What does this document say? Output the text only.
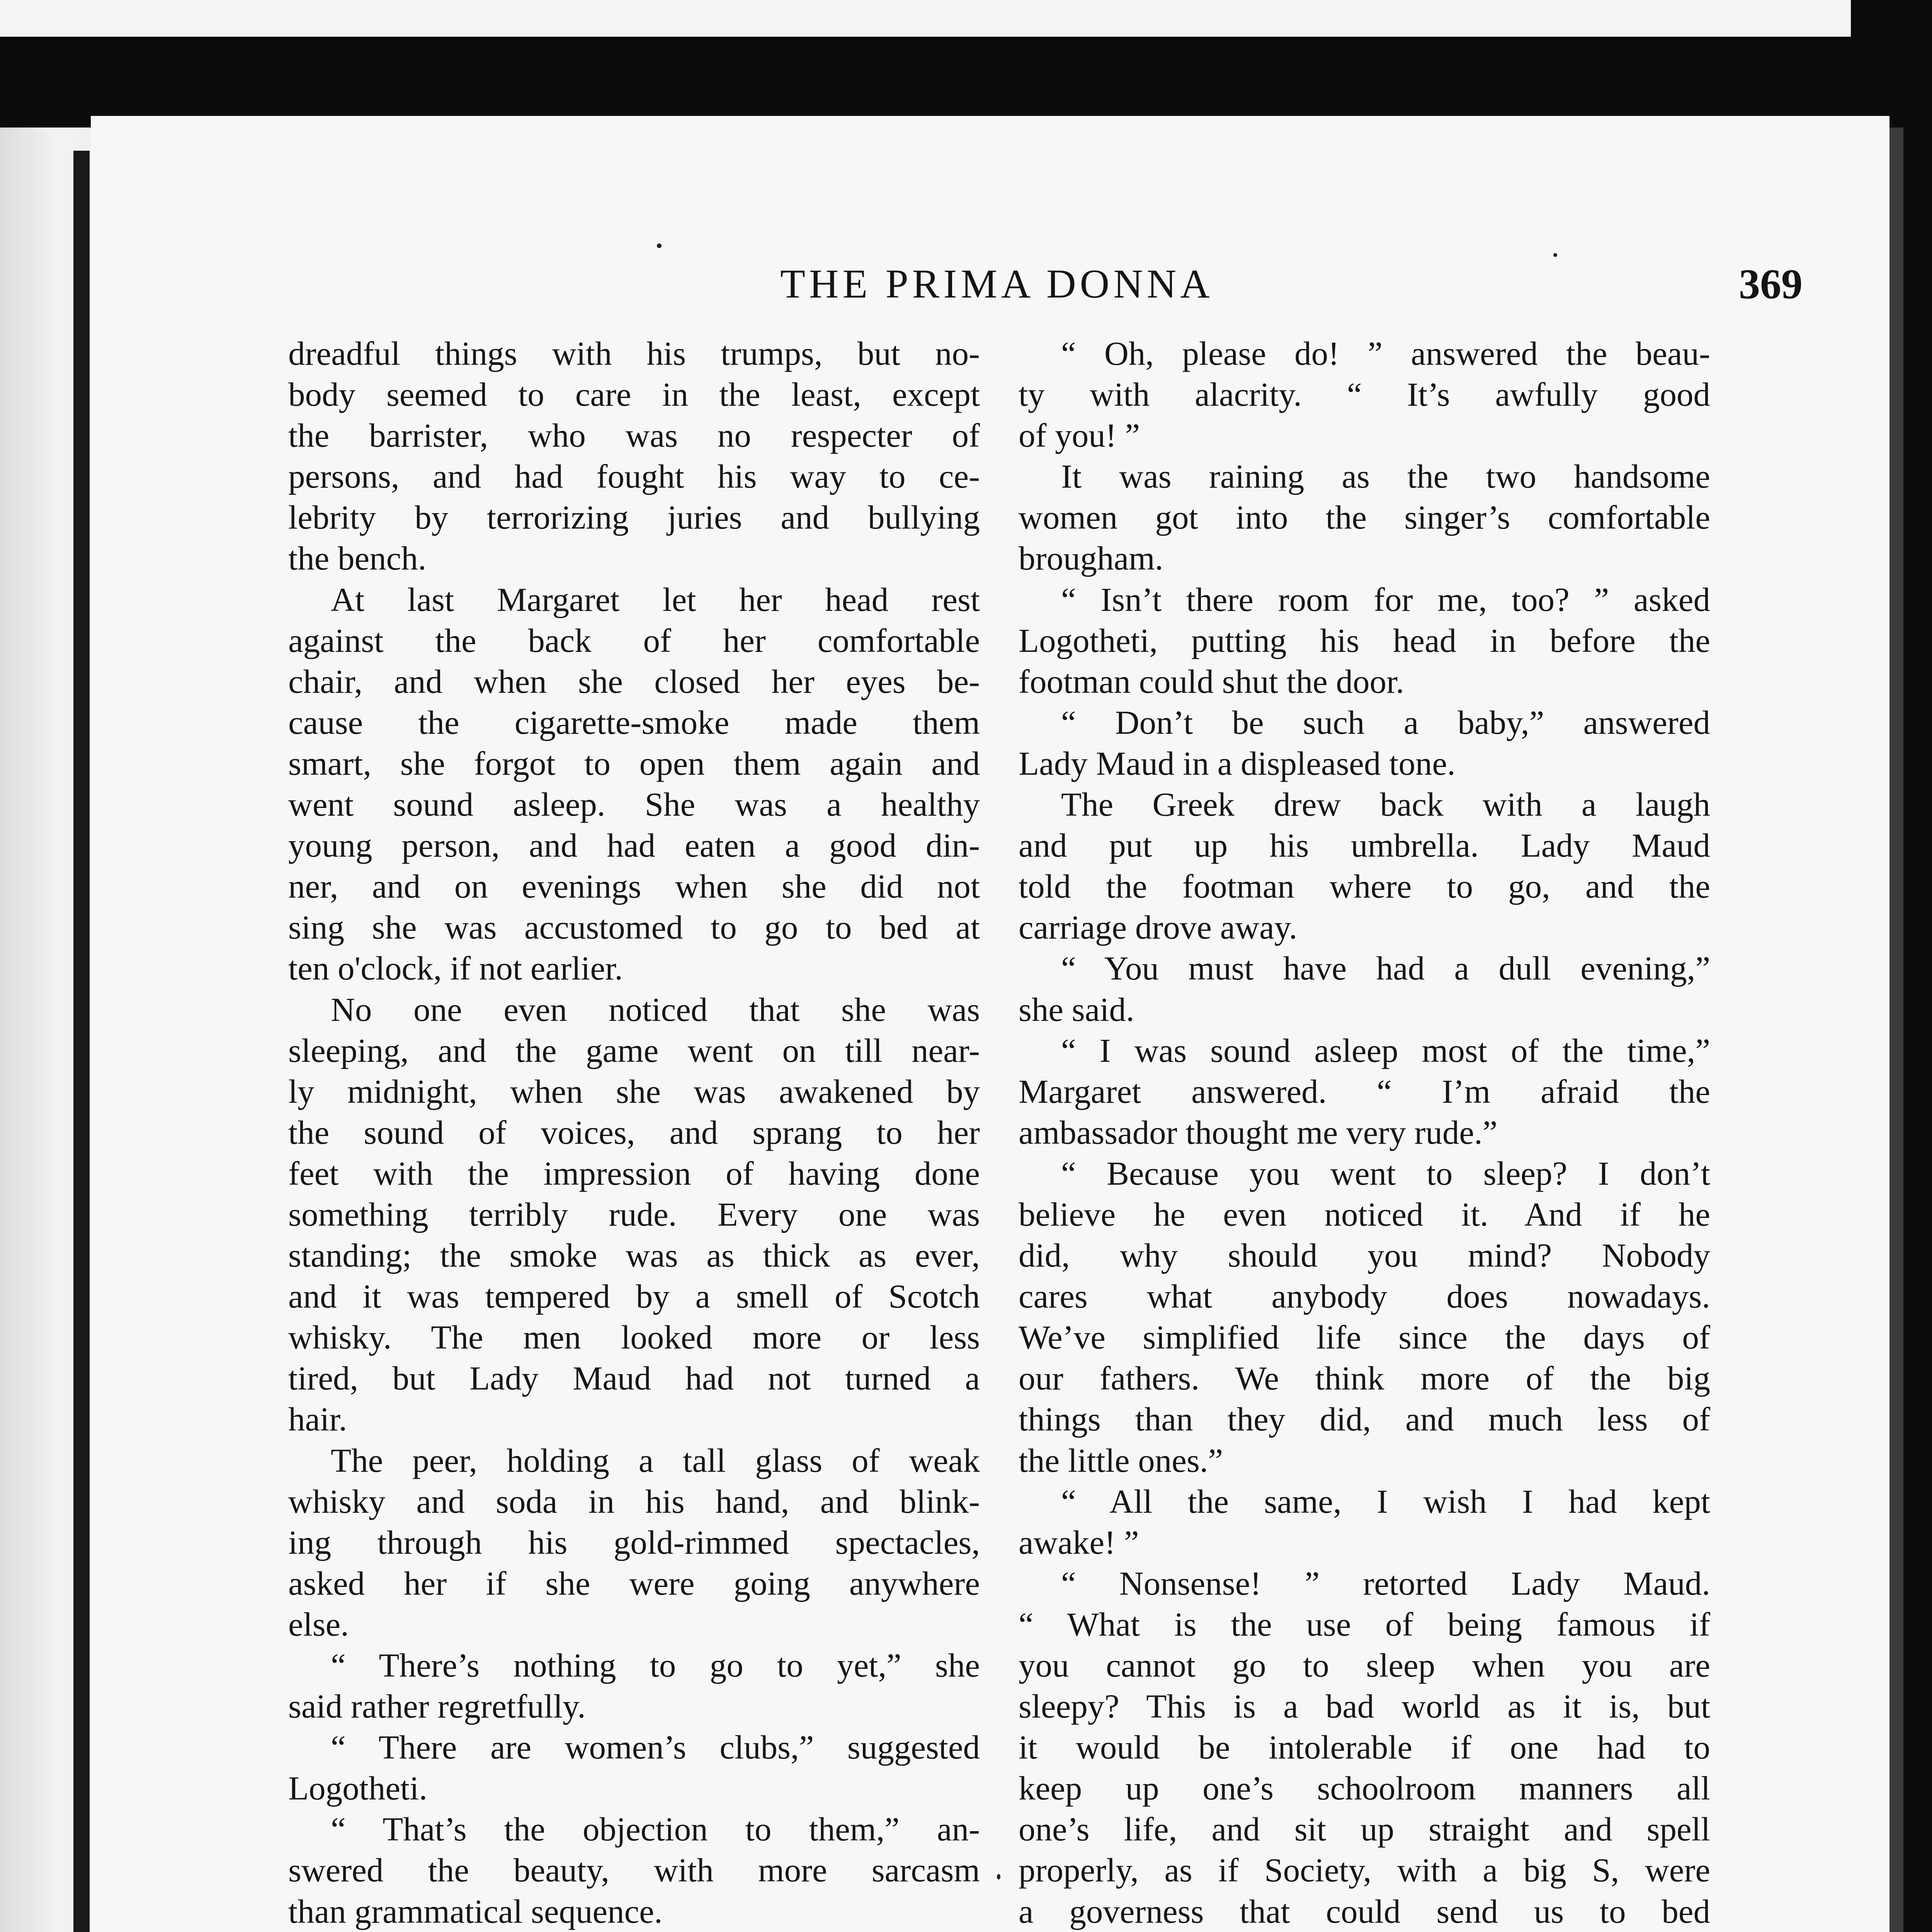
THE PRIMA DONNA	369
dreadful things with his trumps, but no-
body seemed to care in the least, except
the barrister, who was no respecter of
persons, and had fought his way to ce-
lebrity by terrorizing juries and bullying
the bench.
At last Margaret let her head rest
against the back of her comfortable
chair, and when she closed her eyes be-
cause the cigarette-smoke made them
smart, she forgot to open them again and
went sound asleep. She was a healthy
young person, and had eaten a good din-
ner, and on evenings when she did not
sing she was accustomed to go to bed at
ten o'clock, if not earlier.
No one even noticed that she was
sleeping, and the game went on till near-
ly midnight, when she was awakened by
the sound of voices, and sprang to her
feet with the impression of having done
something terribly rude. Every one was
standing; the smoke was as thick as ever,
and it was tempered by a smell of Scotch
whisky. The men looked more or less
tired, but Lady Maud had not turned a
hair.
The peer, holding a tall glass of weak
whisky and soda in his hand, and blink-
ing through his gold-rimmed spectacles,
asked her if she were going anywhere
else.
“ There’s nothing to go to yet,” she
said rather regretfully.
“ There are women’s clubs,” suggested
Logotheti.
“ That’s the objection to them,” an-
swered the beauty, with more sarcasm
than grammatical sequence.
“ Oh, please do! ” answered the beau-
ty with alacrity. “ It’s awfully good
of you! ”
It was raining as the two handsome
women got into the singer’s comfortable
brougham.
“ Isn’t there room for me, too? ” asked
Logotheti, putting his head in before the
footman could shut the door.
“ Don’t be such a baby,” answered
Lady Maud in a displeased tone.
The Greek drew back with a laugh
and put up his umbrella. Lady Maud
told the footman where to go, and the
carriage drove away.
“ You must have had a dull evening,”
she said.
“ I was sound asleep most of the time,”
Margaret answered. “ I’m afraid the
ambassador thought me very rude.”
“ Because you went to sleep? I don’t
believe he even noticed it. And if he
did, why should you mind? Nobody
cares what anybody does nowadays.
We’ve simplified life since the days of
our fathers. We think more of the big
things than they did, and much less of
the little ones.”
“ All the same, I wish I had kept
awake! ”
“ Nonsense! ” retorted Lady Maud.
“ What is the use of being famous if
you cannot go to sleep when you are
sleepy? This is a bad world as it is, but
it would be intolerable if one had to
keep up one’s schoolroom manners all
one’s life, and sit up straight and spell
properly, as if Society, with a big S, were
a governess that could send us to bed
